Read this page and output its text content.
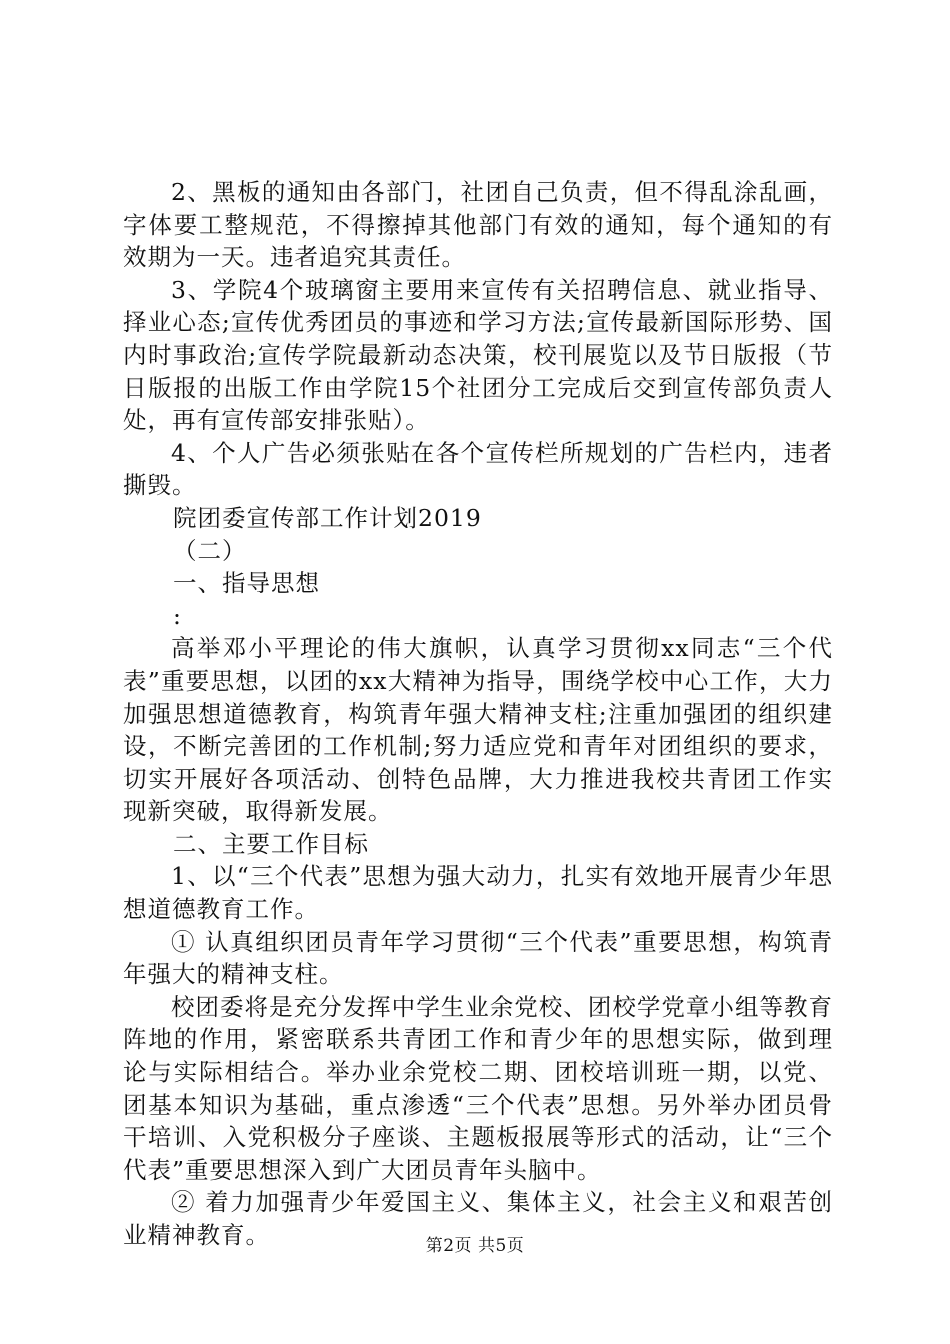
2、黑板的通知由各部门，社团自己负责，但不得乱涂乱画，字体要工整规范，不得擦掉其他部门有效的通知，每个通知的有效期为一天。违者追究其责任。

3、学院4个玻璃窗主要用来宣传有关招聘信息、就业指导、择业心态;宣传优秀团员的事迹和学习方法;宣传最新国际形势、国内时事政治;宣传学院最新动态决策，校刊展览以及节日版报（节日版报的出版工作由学院15个社团分工完成后交到宣传部负责人处，再有宣传部安排张贴）。

4、个人广告必须张贴在各个宣传栏所规划的广告栏内，违者撕毁。

院团委宣传部工作计划2019

（二）

一、指导思想

:

高举邓小平理论的伟大旗帜，认真学习贯彻xx同志“三个代表”重要思想，以团的xx大精神为指导，围绕学校中心工作，大力加强思想道德教育，构筑青年强大精神支柱;注重加强团的组织建设，不断完善团的工作机制;努力适应党和青年对团组织的要求，切实开展好各项活动、创特色品牌，大力推进我校共青团工作实现新突破，取得新发展。

二、主要工作目标

1、以“三个代表”思想为强大动力，扎实有效地开展青少年思想道德教育工作。

① 认真组织团员青年学习贯彻“三个代表”重要思想，构筑青年强大的精神支柱。

校团委将是充分发挥中学生业余党校、团校学党章小组等教育阵地的作用，紧密联系共青团工作和青少年的思想实际，做到理论与实际相结合。举办业余党校二期、团校培训班一期，以党、团基本知识为基础，重点渗透“三个代表”思想。另外举办团员骨干培训、入党积极分子座谈、主题板报展等形式的活动，让“三个代表”重要思想深入到广大团员青年头脑中。

② 着力加强青少年爱国主义、集体主义，社会主义和艰苦创业精神教育。	第2页 共5页
